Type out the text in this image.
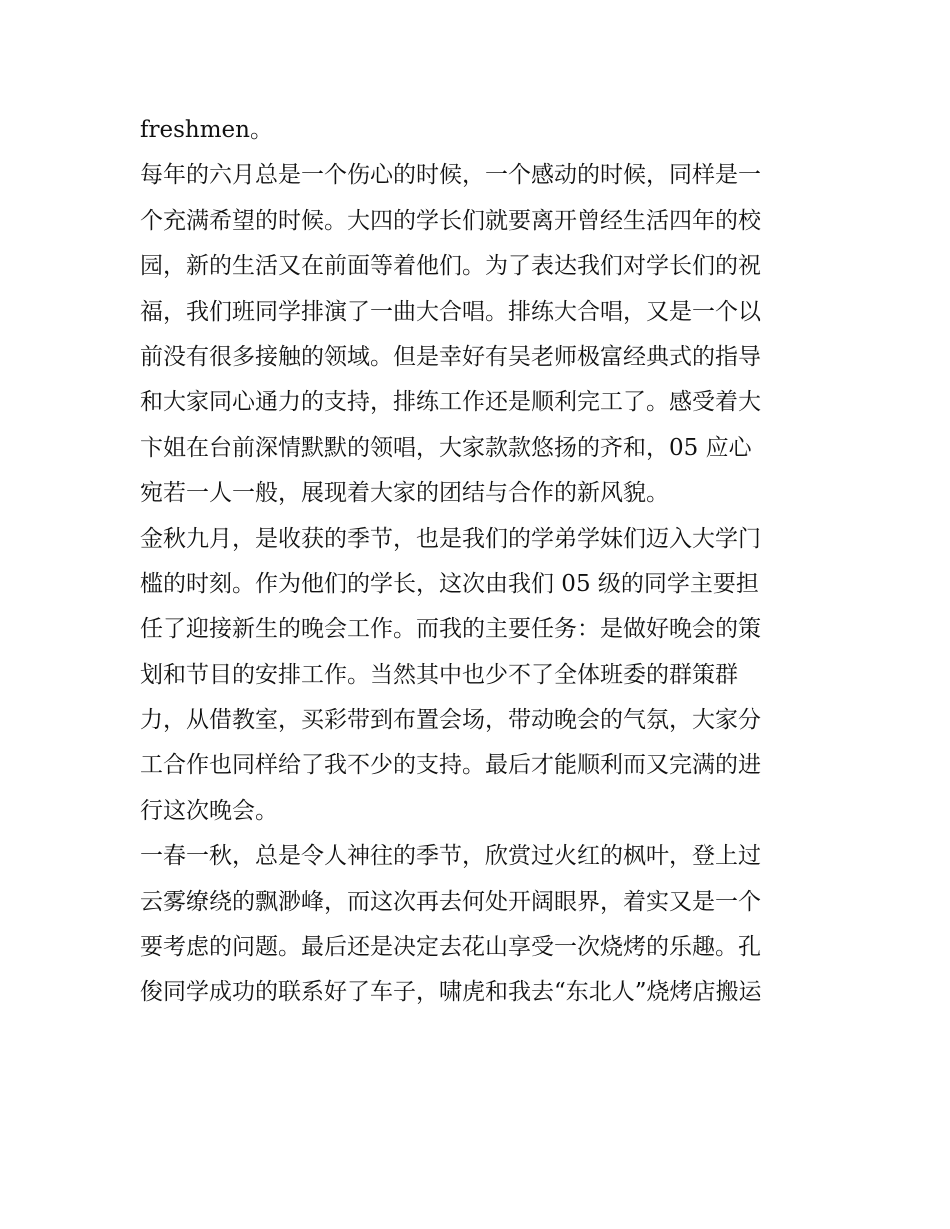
freshmen。
每年的六月总是一个伤心的时候，一个感动的时候，同样是一
个充满希望的时候。大四的学长们就要离开曾经生活四年的校
园，新的生活又在前面等着他们。为了表达我们对学长们的祝
福，我们班同学排演了一曲大合唱。排练大合唱，又是一个以
前没有很多接触的领域。但是幸好有吴老师极富经典式的指导
和大家同心通力的支持，排练工作还是顺利完工了。感受着大
卞姐在台前深情默默的领唱，大家款款悠扬的齐和，05 应心
宛若一人一般，展现着大家的团结与合作的新风貌。
金秋九月，是收获的季节，也是我们的学弟学妹们迈入大学门
槛的时刻。作为他们的学长，这次由我们 05 级的同学主要担
任了迎接新生的晚会工作。而我的主要任务：是做好晚会的策
划和节目的安排工作。当然其中也少不了全体班委的群策群
力，从借教室，买彩带到布置会场，带动晚会的气氛，大家分
工合作也同样给了我不少的支持。最后才能顺利而又完满的进
行这次晚会。
一春一秋，总是令人神往的季节，欣赏过火红的枫叶，登上过
云雾缭绕的飘渺峰，而这次再去何处开阔眼界，着实又是一个
要考虑的问题。最后还是决定去花山享受一次烧烤的乐趣。孔
俊同学成功的联系好了车子，啸虎和我去“东北人”烧烤店搬运
